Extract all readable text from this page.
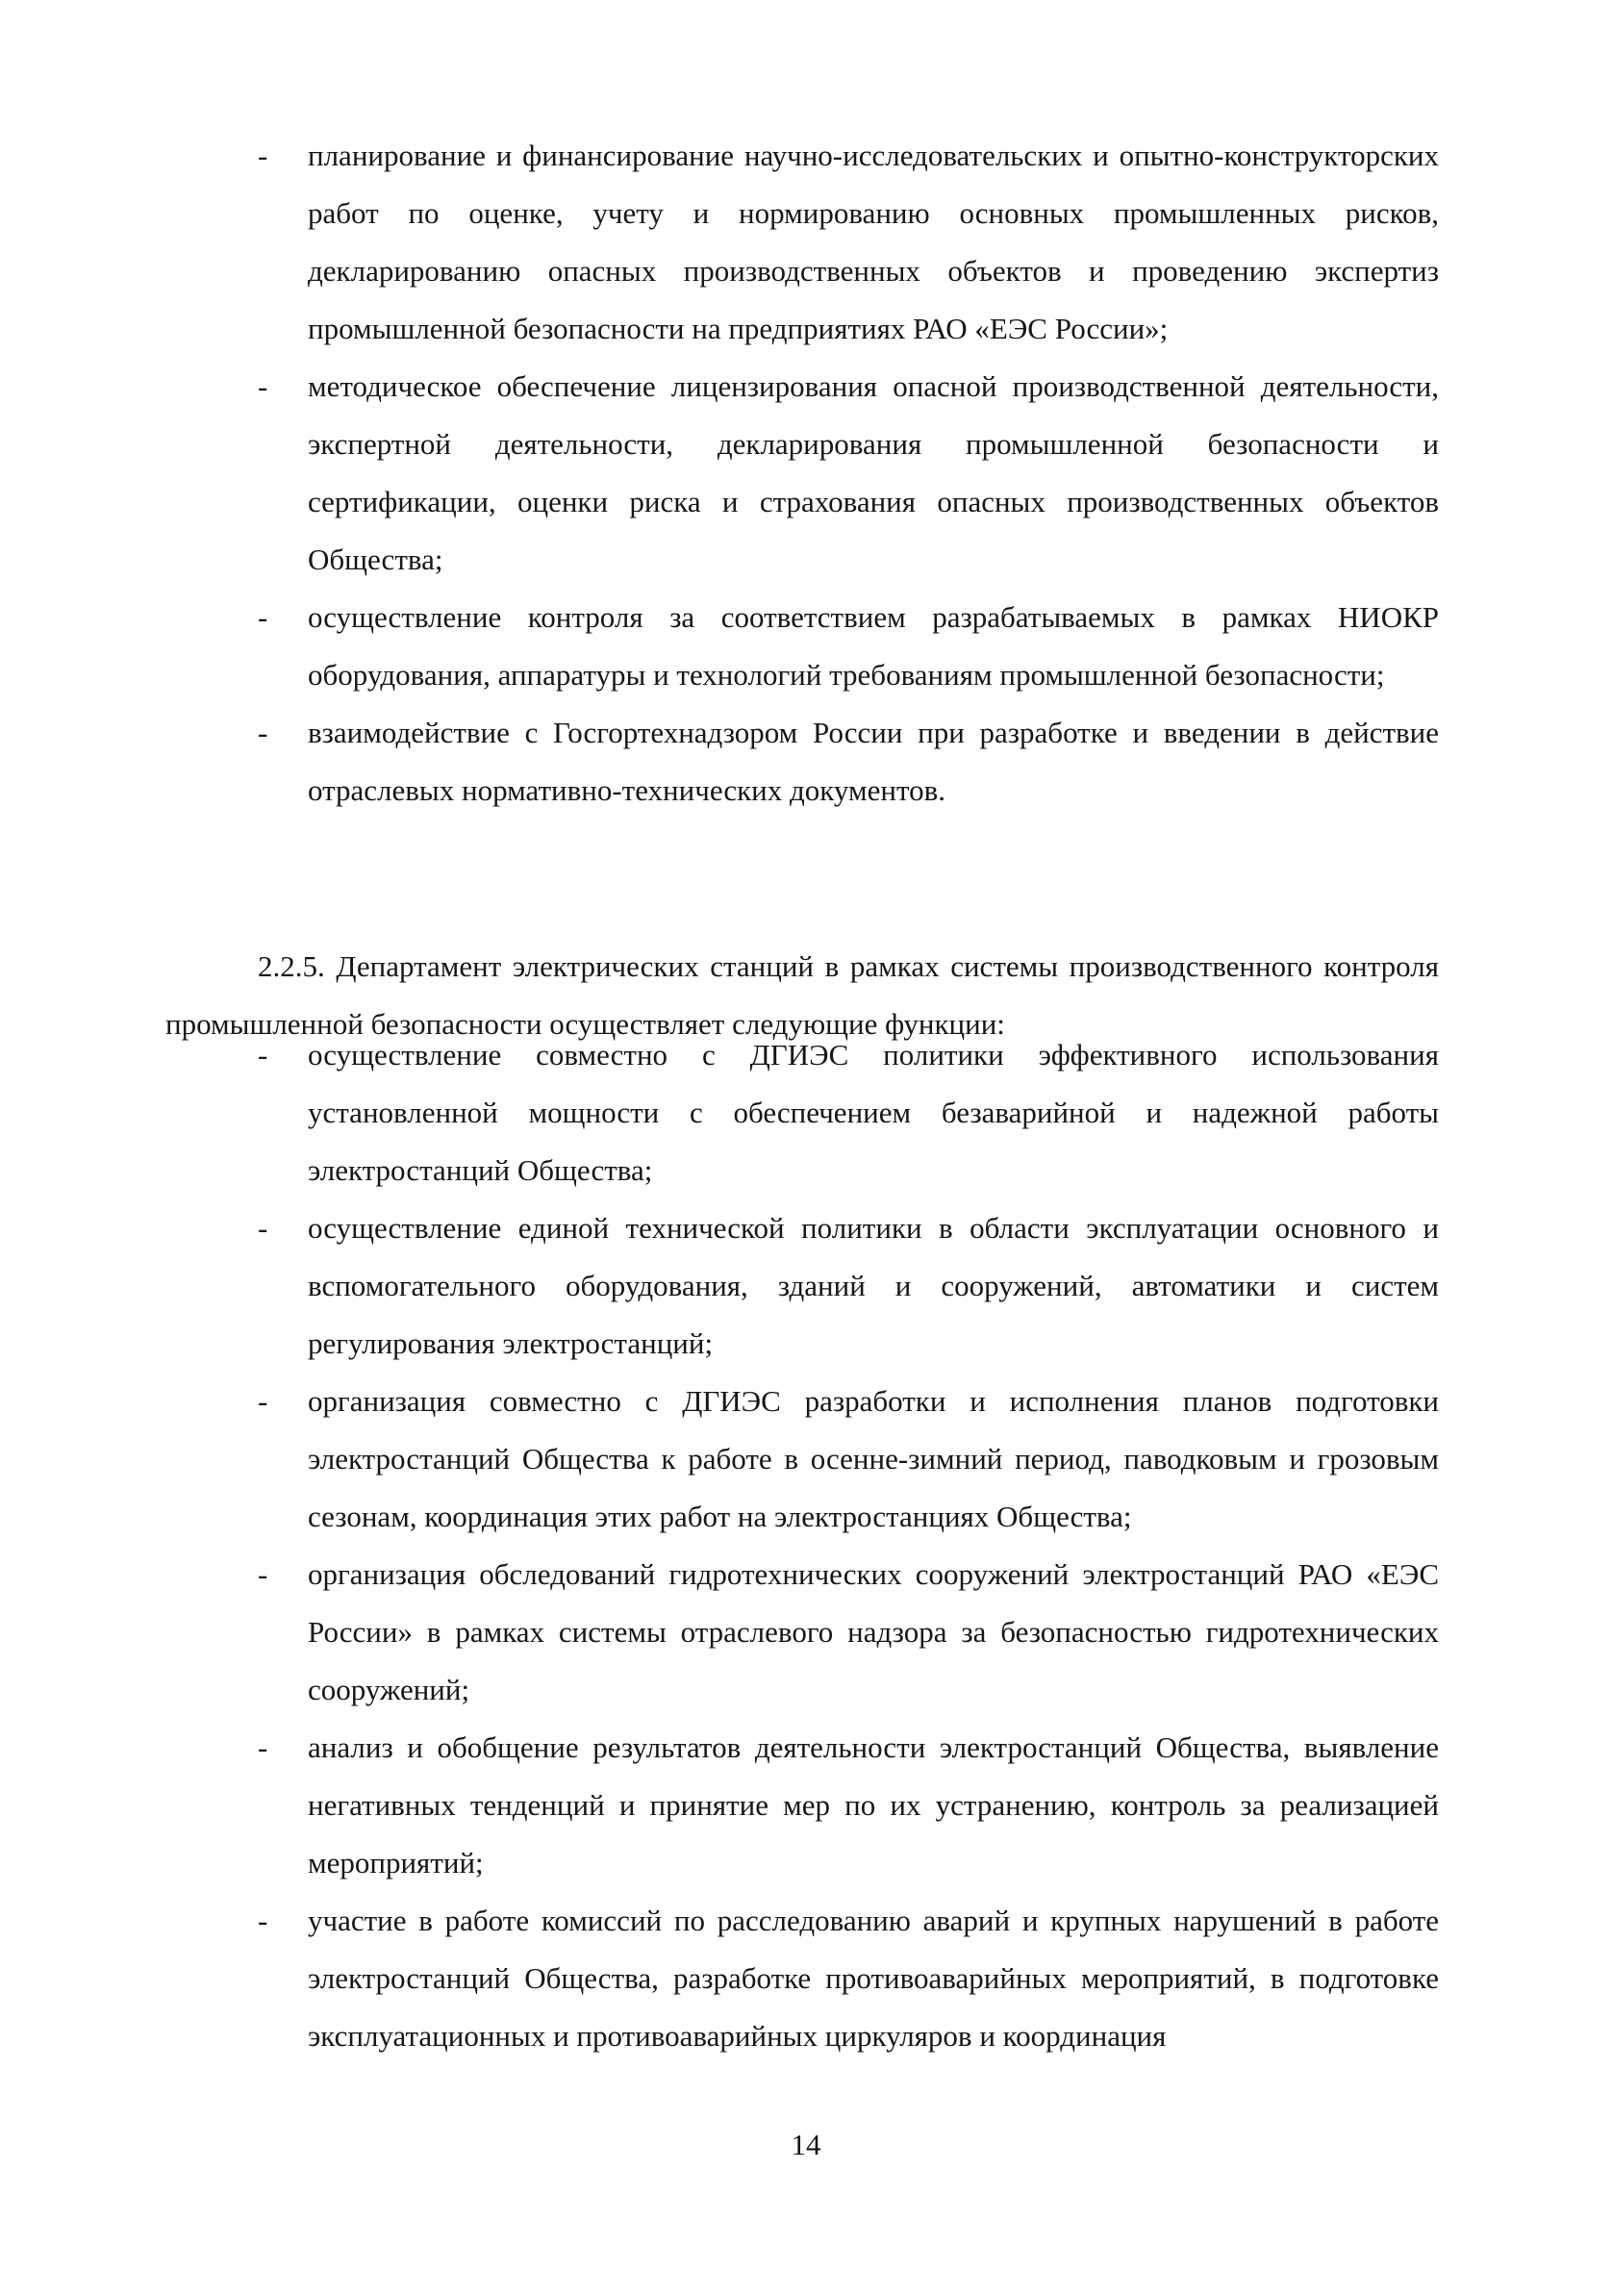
-	планирование и финансирование научно-исследовательских и опытно-конструкторских работ по оценке, учету и нормированию основных промышленных рисков, декларированию опасных производственных объектов и проведению экспертиз промышленной безопасности на предприятиях РАО «ЕЭС России»;
-	методическое обеспечение лицензирования опасной производственной деятельности, экспертной деятельности, декларирования промышленной безопасности и сертификации, оценки риска и страхования опасных производственных объектов Общества;
-	осуществление контроля за соответствием разрабатываемых в рамках НИОКР оборудования, аппаратуры и технологий требованиям промышленной безопасности;
-	взаимодействие с Госгортехнадзором России при разработке и введении в действие отраслевых нормативно-технических документов.

2.2.5. Департамент электрических станций в рамках системы производственного контроля промышленной безопасности осуществляет следующие функции:

-	осуществление совместно с ДГИЭС политики эффективного использования установленной мощности с обеспечением безаварийной и надежной работы электростанций Общества;
-	осуществление единой технической политики в области эксплуатации основного и вспомогательного оборудования, зданий и сооружений, автоматики и систем регулирования электростанций;
-	организация совместно с ДГИЭС разработки и исполнения планов подготовки электростанций Общества к работе в осенне-зимний период, паводковым и грозовым сезонам, координация этих работ на электростанциях Общества;
-	организация обследований гидротехнических сооружений электростанций РАО «ЕЭС России» в рамках системы отраслевого надзора за безопасностью гидротехнических сооружений;
-	анализ и обобщение результатов деятельности электростанций Общества, выявление негативных тенденций и принятие мер по их устранению, контроль за реализацией мероприятий;
-	участие в работе комиссий по расследованию аварий и крупных нарушений в работе электростанций Общества, разработке противоаварийных мероприятий, в подготовке эксплуатационных и противоаварийных циркуляров и координация
14
